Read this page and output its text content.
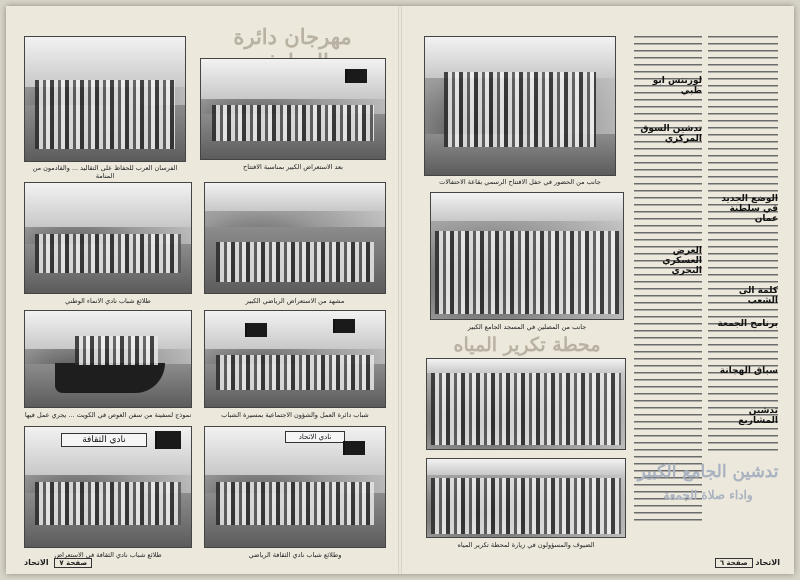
مهرجان دائرة
الفرسان العرب للحفاظ على التقاليد ... والقادمون من المنامة
بعد الاستعراض الكبير بمناسبة الافتتاح
طلائع شباب نادي الانماء الوطني	مشهد من الاستعراض الرياضي الكبير
نموذج لسفينة من سفن الغوص في الكويت ... يجري عمل فيها	شباب دائرة العمل والشؤون الاجتماعية بمسيرة الشباب
نادي الثقافة
طلائع شباب نادي الثقافة في الاستعراض
نادي الاتحاد
وطلائع شباب نادي الثقافة الرياضي
الاتحاد	صفحة ٧
جانب من الحضور في حفل الافتتاح الرسمي بقاعة الاحتفالات
جانب من المصلين في المسجد الجامع الكبير
محطة تكرير المياه
الضيوف والمسؤولون في زيارة لمحطة تكرير المياه
لورنتس ابو ظبي
تدشين السوق المركزي
العرض العسكري البحري
الوضع الجديد في سلطنة عمان
كلمة الى الشعب
برنامج الجمعة
سباق الهجانة
تدشين المشاريع
تدشين الجامع الكبير
واداء صلاة الجمعة
صفحة ٦	الاتحاد
